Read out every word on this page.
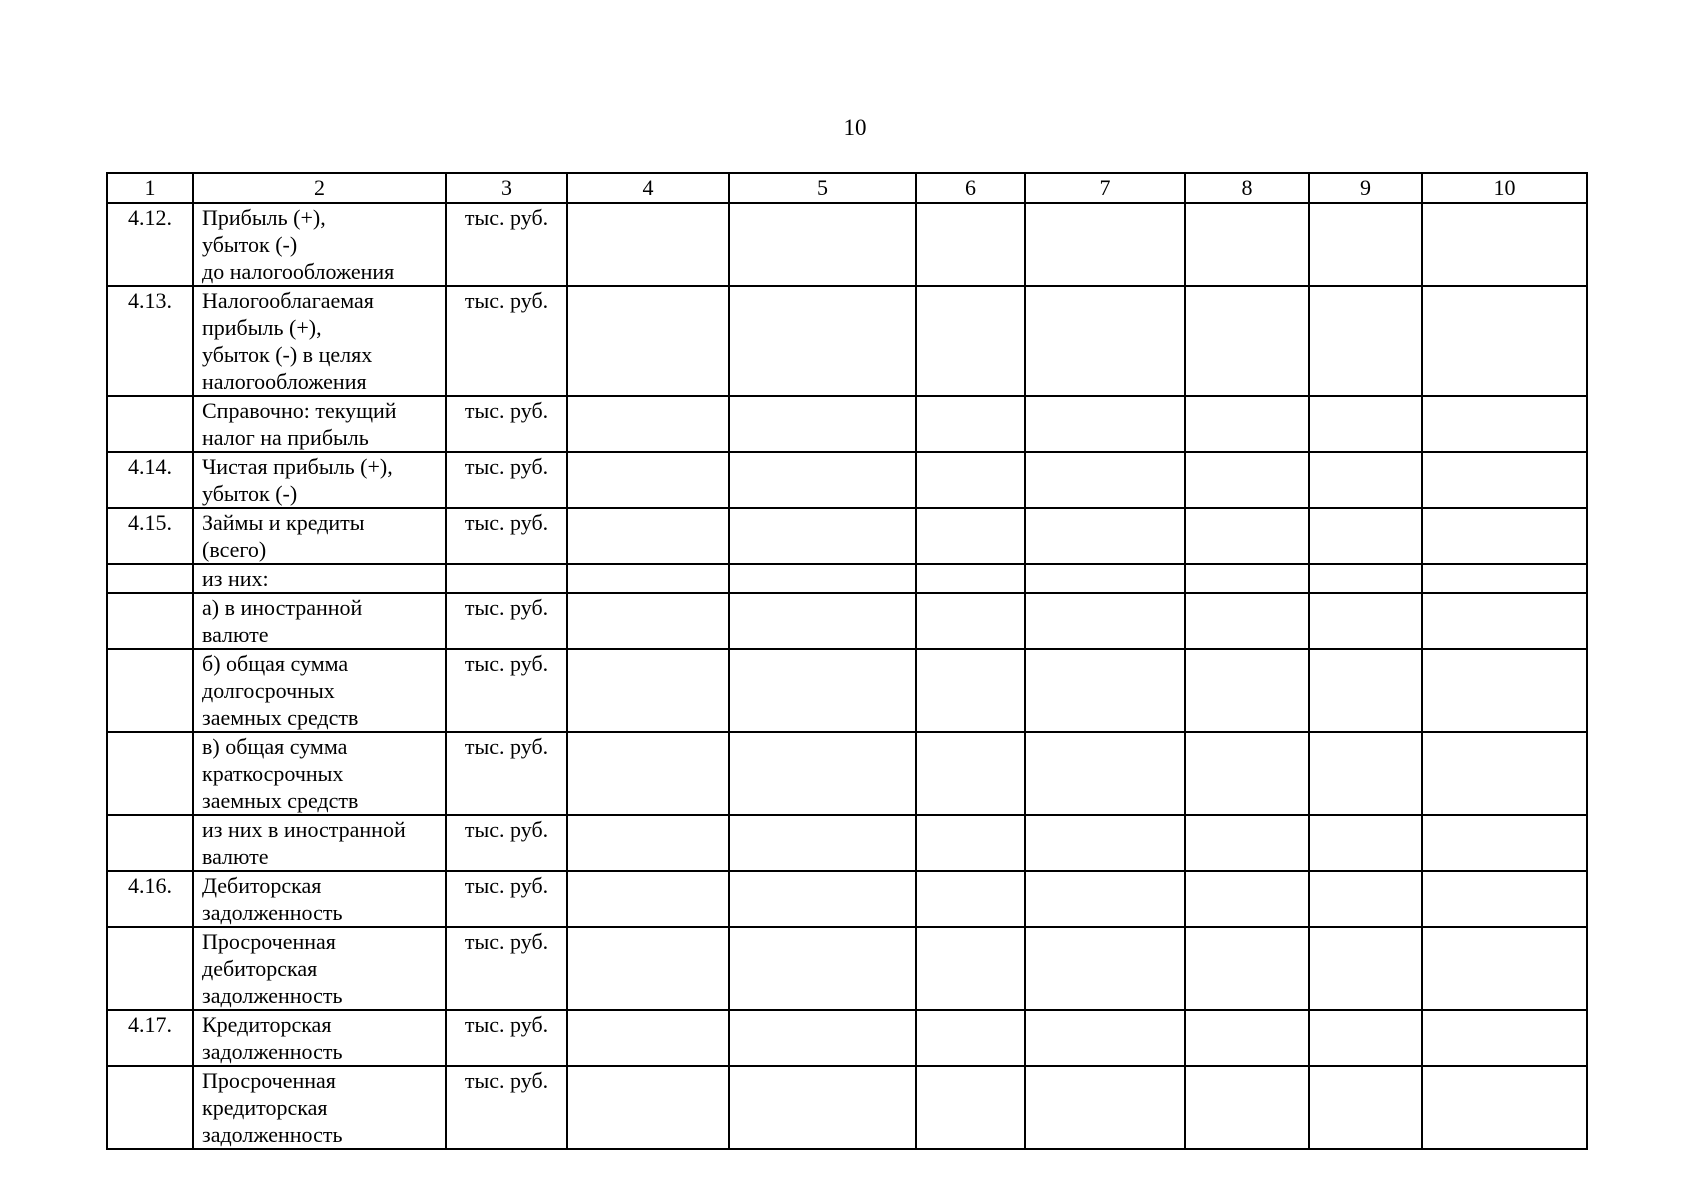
10
1	2	3	4	5	6	7	8	9	10
4.12.	Прибыль (+),
убыток (-)
до налогообложения	тыс. руб.							
4.13.	Налогооблагаемая
прибыль (+),
убыток (-) в целях
налогообложения	тыс. руб.							

	Справочно: текущий
налог на прибыль	тыс. руб.							
4.14.	Чистая прибыль (+),
убыток (-)	тыс. руб.							
4.15.	Займы и кредиты
(всего)	тыс. руб.							

	из них:								

	а) в иностранной
валюте	тыс. руб.							

	б) общая сумма
долгосрочных
заемных средств	тыс. руб.							

	в) общая сумма
краткосрочных
заемных средств	тыс. руб.							

	из них в иностранной
валюте	тыс. руб.							
4.16.	Дебиторская
задолженность	тыс. руб.							

	Просроченная
дебиторская
задолженность	тыс. руб.							
4.17.	Кредиторская
задолженность	тыс. руб.							

	Просроченная
кредиторская
задолженность	тыс. руб.							
